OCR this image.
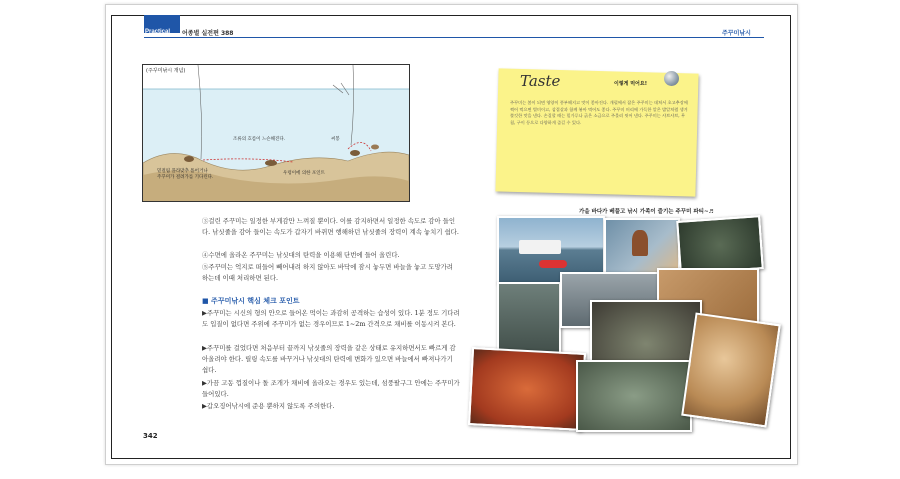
Practical 어종별 실전편 388	주꾸미낚시
조류의 흐름이 느슨해진다.	씨봉
밑걸림 플라맞추 틀어거나
주꾸미가 걸려가를 기다린다.
우렁이에 의한 포인트
(주꾸미낚시 개념)
③걸린 주꾸미는 일정한 부게감만 느껴질 뿐이다. 이를 감지하면서 일정한 속도로 감아 들인다. 낚싯줄을 감아 들이는 속도가 갑자기 바뀌면 행해하던 낚싯줄의 장력이 계속 놓치기 쉽다.
④수면에 올라온 주꾸미는 낚싯대의 탄력을 이용해 단번에 들어 올린다.
⑤주꾸미는 억지로 떠들어 빼어내려 하지 않아도 바닥에 잠시 놓두면 바늘을 놓고 도망가려 하는데 이때 처리하면 된다.
■ 주꾸미낚시 핵심 체크 포인트
▶주꾸미는 시신의 형의 안으로 들어온 먹이는 과감히 공격하는 습성이 있다. 1분 정도 기다려도 입질이 없다면 주위에 주꾸미가 없는 경우이므로 1~2m 간격으로 채비를 이동시켜 본다.
▶주꾸미를 걸었다면 처음부터 끝까지 낚싯줄의 장력을 같은 상태로 유지하면서도 빠르게 감아올려야 한다. 릴링 속도를 바꾸거나 낚싯대의 탄력에 변화가 있으면 바늘에서 빠져나가기 쉽다.
▶가끔 고동 껍질이나 돌 조개가 채비에 올라오는 경우도 있는데, 섬풍팔구그 안에는 주꾸미가 들어있다.
▶갑오징어낚시에 준용 뿐하지 않도록 주의한다.
342
Taste	이렇게 먹어요!
주꾸미는 봄이 되면 영양이 풍부해지고 맛이 좋아진다. 개펄에서 잡은 주꾸미는 데쳐서 초고추장에 찍어 먹으면 별미이고, 삼겹살과 함께 볶아 먹어도 좋다. 주꾸미 머리에 가득한 알은 밥알처럼 생겨 쫄깃한 맛을 낸다. 손질할 때는 밀가루나 굵은 소금으로 주물러 씻어 낸다. 주꾸미는 샤브샤브, 무침, 구이 등으로 다양하게 즐길 수 있다.
가을 바다가 베풀고 낚시 가족이 즐기는 주꾸미 파티~♬
